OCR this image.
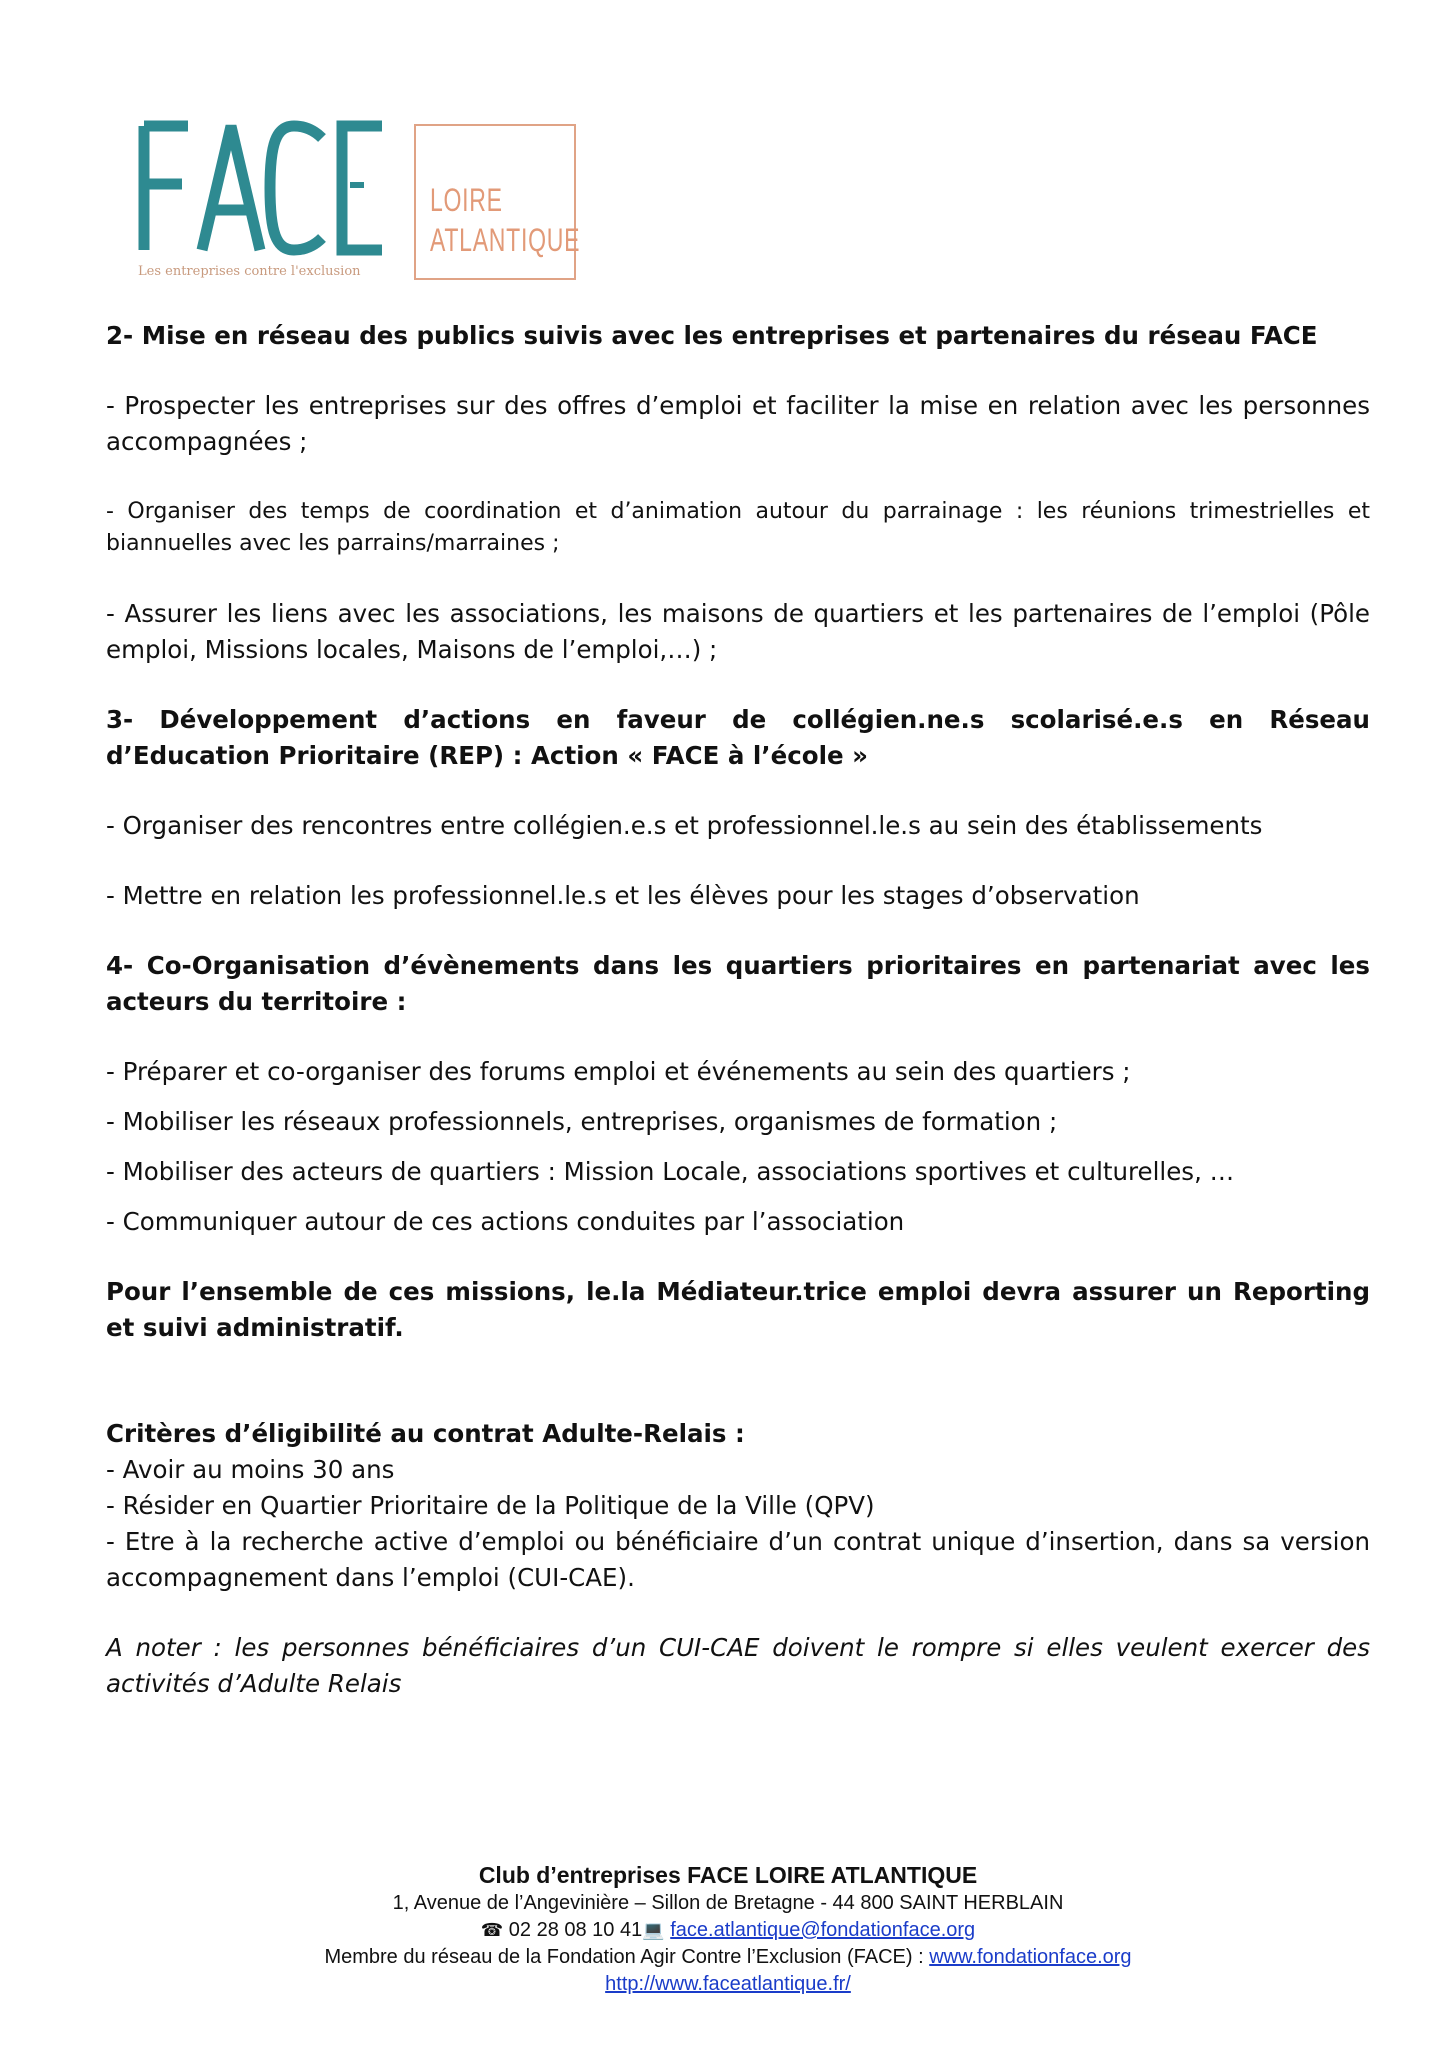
Les entreprises contre l'exclusion
LOIRE
ATLANTIQUE

2- Mise en réseau des publics suivis avec les entreprises et partenaires du réseau FACE

- Prospecter les entreprises sur des offres d’emploi et faciliter la mise en relation avec les personnes accompagnées ;

- Organiser des temps de coordination et d’animation autour du parrainage : les réunions trimestrielles et biannuelles avec les parrains/marraines ;

- Assurer les liens avec les associations, les maisons de quartiers et les partenaires de l’emploi (Pôle emploi, Missions locales, Maisons de l’emploi,…) ;

3- Développement d’actions en faveur de collégien.ne.s scolarisé.e.s en Réseau d’Education Prioritaire (REP) : Action « FACE à l’école »

- Organiser des rencontres entre collégien.e.s et professionnel.le.s au sein des établissements

- Mettre en relation les professionnel.le.s et les élèves pour les stages d’observation

4- Co-Organisation d’évènements dans les quartiers prioritaires en partenariat avec les acteurs du territoire :

- Préparer et co-organiser des forums emploi et événements au sein des quartiers ;

- Mobiliser les réseaux professionnels, entreprises, organismes de formation ;

- Mobiliser des acteurs de quartiers : Mission Locale, associations sportives et culturelles, …

- Communiquer autour de ces actions conduites par l’association

Pour l’ensemble de ces missions, le.la Médiateur.trice emploi devra assurer un Reporting et suivi administratif.

Critères d’éligibilité au contrat Adulte-Relais :

- Avoir au moins 30 ans

- Résider en Quartier Prioritaire de la Politique de la Ville (QPV)

- Etre à la recherche active d’emploi ou bénéficiaire d’un contrat unique d’insertion, dans sa version accompagnement dans l’emploi (CUI-CAE).

A noter : les personnes bénéficiaires d’un CUI-CAE doivent le rompre si elles veulent exercer des activités d’Adulte Relais

Club d’entreprises FACE LOIRE ATLANTIQUE
1, Avenue de l’Angevinière – Sillon de Bretagne - 44 800 SAINT HERBLAIN
☎ 02 28 08 10 41💻 face.atlantique@fondationface.org
Membre du réseau de la Fondation Agir Contre l’Exclusion (FACE) : www.fondationface.org
http://www.faceatlantique.fr/
